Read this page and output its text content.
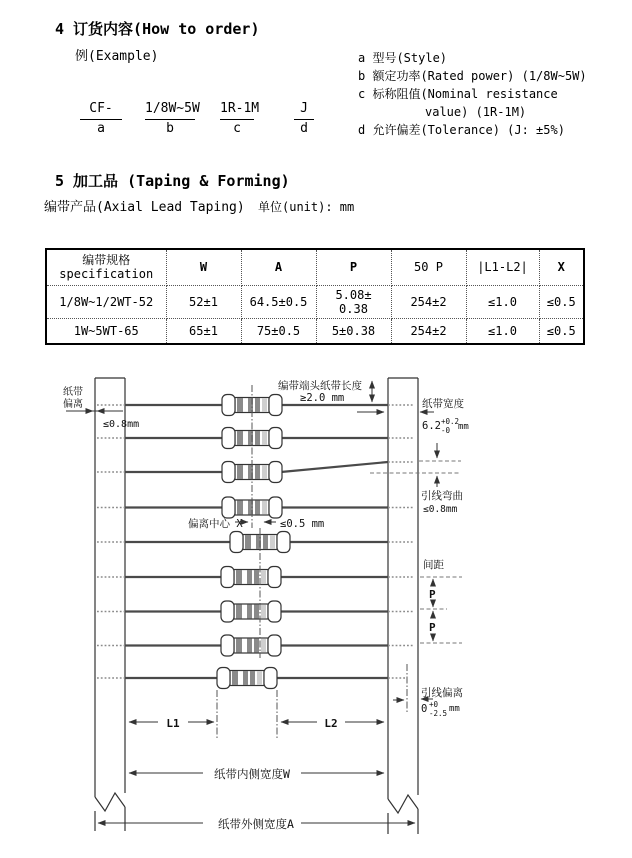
4 订货内容(How to order)
例(Example)	a 型号(Style)
b 额定功率(Rated power) (1/8W~5W)
c 标称阻值(Nominal resistance
value) (1R-1M)
d 允许偏差(Tolerance) (J: ±5%)
CF-
a
1/8W~5W
b
1R-1M
c
J
d
5 加工品 (Taping & Forming)
编带产品(Axial Lead Taping) 单位(unit): mm
编带规格
specification	W	A	P	50 P	|L1-L2|	X
1/8W~1/2WT-52	52±1	64.5±0.5	5.08± 0.38	254±2	≤1.0	≤0.5
1W~5WT-65	65±1	75±0.5	5±0.38	254±2	≤1.0	≤0.5
纸带
偏离
≤0.8mm
编带端头纸带长度
≥2.0 mm	纸带宽度
6.2 +0.2
-0 mm
引线弯曲
≤0.8mm
偏离中心 X	≤0.5 mm
间距
P
P
引线偏离
0 +0
-2.5 mm
L1	L2
纸带内侧宽度W
纸带外侧宽度A
